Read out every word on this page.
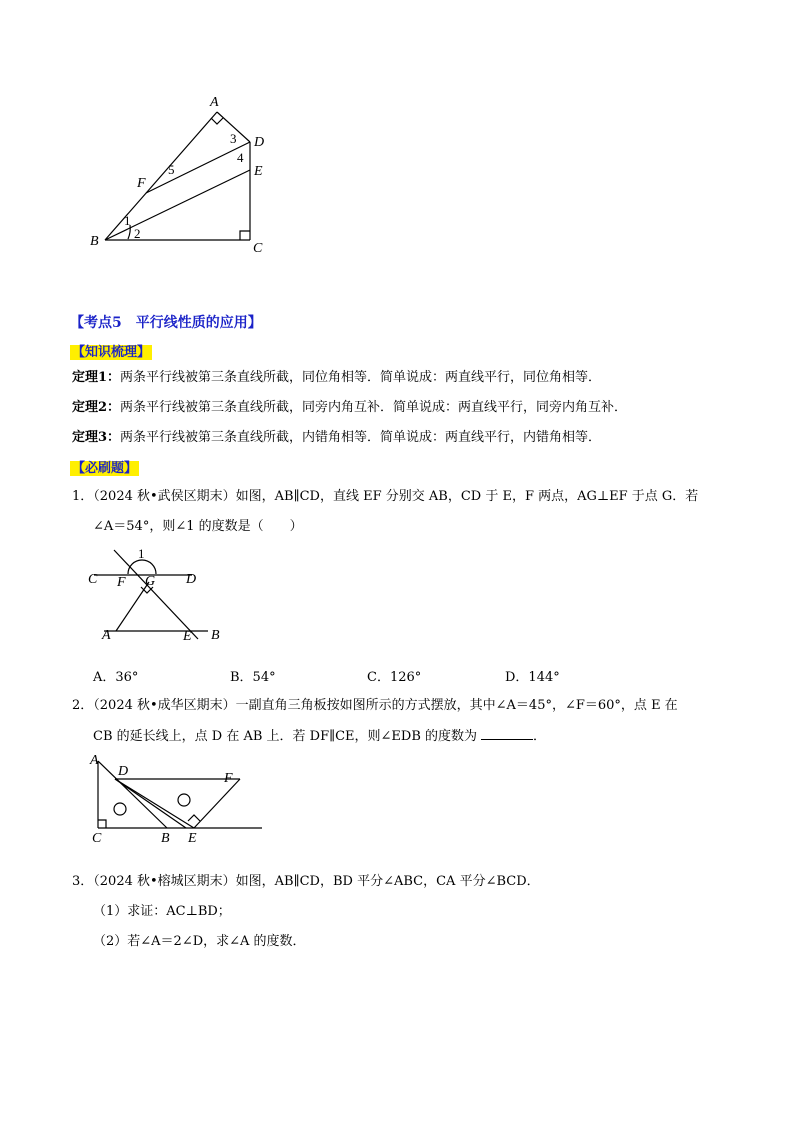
A
B	C
D
E
F
1
2
3
4
5
【考点5　平行线性质的应用】
【知识梳理】
定理1：两条平行线被第三条直线所截，同位角相等．简单说成：两直线平行，同位角相等．
定理2：两条平行线被第三条直线所截，同旁内角互补．简单说成：两直线平行，同旁内角互补．
定理3：两条平行线被第三条直线所截，内错角相等．简单说成：两直线平行，内错角相等．
【必刷题】
1．（2024 秋•武侯区期末）如图，AB∥CD，直线 EF 分别交 AB，CD 于 E，F 两点，AG⊥EF 于点 G．若
∠A＝54°，则∠1 的度数是（　　）
C F G D
A	E B
1
A．36°	B．54°	C．126°	D．144°
2．（2024 秋•成华区期末）一副直角三角板按如图所示的方式摆放，其中∠A＝45°，∠F＝60°，点 E 在
CB 的延长线上，点 D 在 AB 上．若 DF∥CE，则∠EDB 的度数为	．
A
D	F
C	B E
3．（2024 秋•榕城区期末）如图，AB∥CD，BD 平分∠ABC，CA 平分∠BCD．
（1）求证：AC⊥BD；
（2）若∠A＝2∠D，求∠A 的度数．
